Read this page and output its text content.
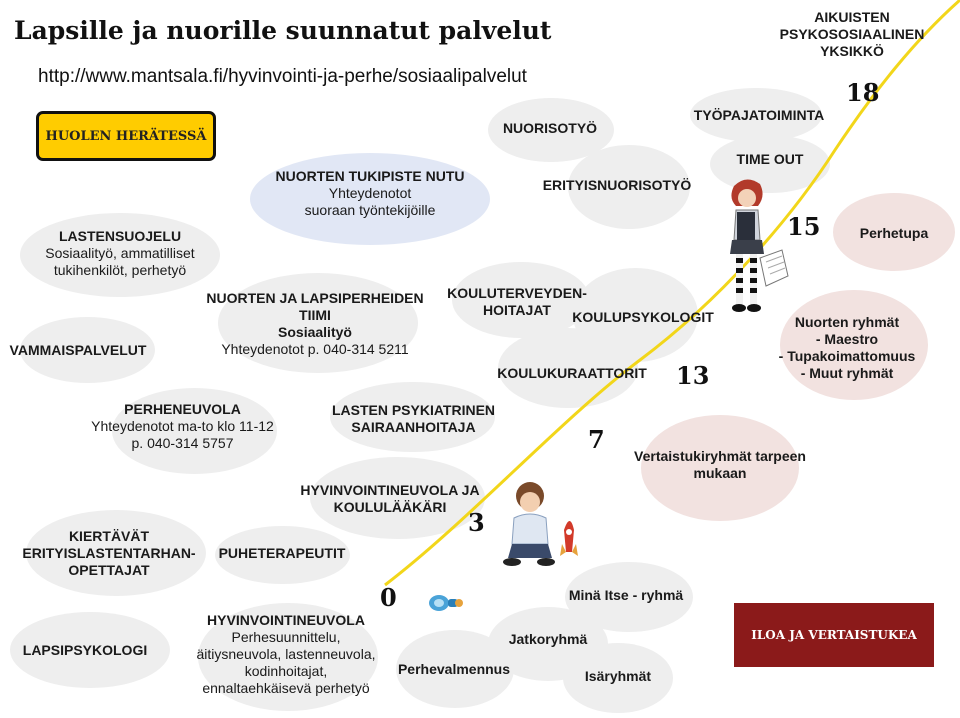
Lapsille ja nuorille suunnatut palvelut
http://www.mantsala.fi/hyvinvointi-ja-perhe/sosiaalipalvelut
HUOLEN HERÄTESSÄ
ILOA JA VERTAISTUKEA
NUORTEN TUKIPISTE NUTU
Yhteydenotot
suoraan työntekijöille
LASTENSUOJELU
Sosiaalityö, ammatilliset
tukihenkilöt, perhetyö
NUORTEN JA LAPSIPERHEIDEN
TIIMI
Sosiaalityö
Yhteydenotot p. 040-314 5211
VAMMAISPALVELUT
PERHENEUVOLA
Yhteydenotot ma-to klo 11-12
p. 040-314 5757
LASTEN PSYKIATRINEN
SAIRAANHOITAJA
HYVINVOINTINEUVOLA JA
KOULULÄÄKÄRI
KIERTÄVÄT
ERITYISLASTENTARHAN-
OPETTAJAT
PUHETERAPEUTIT
LAPSIPSYKOLOGI
HYVINVOINTINEUVOLA
Perhesuunnittelu,
äitiysneuvola, lastenneuvola,
kodinhoitajat,
ennaltaehkäisevä perhetyö
NUORISOTYÖ
ERITYISNUORISOTYÖ
TYÖPAJATOIMINTA
TIME OUT
AIKUISTEN
PSYKOSOSIAALINEN
YKSIKKÖ
KOULUTERVEYDEN-
HOITAJAT	KOULUPSYKOLOGIT
KOULUKURAATTORIT
Perhetupa
Nuorten ryhmät
- Maestro
- Tupakoimattomuus
- Muut ryhmät
Vertaistukiryhmät tarpeen
mukaan
Minä Itse - ryhmä
Jatkoryhmä
Perhevalmennus	Isäryhmät
0
3
7
13
15
18
